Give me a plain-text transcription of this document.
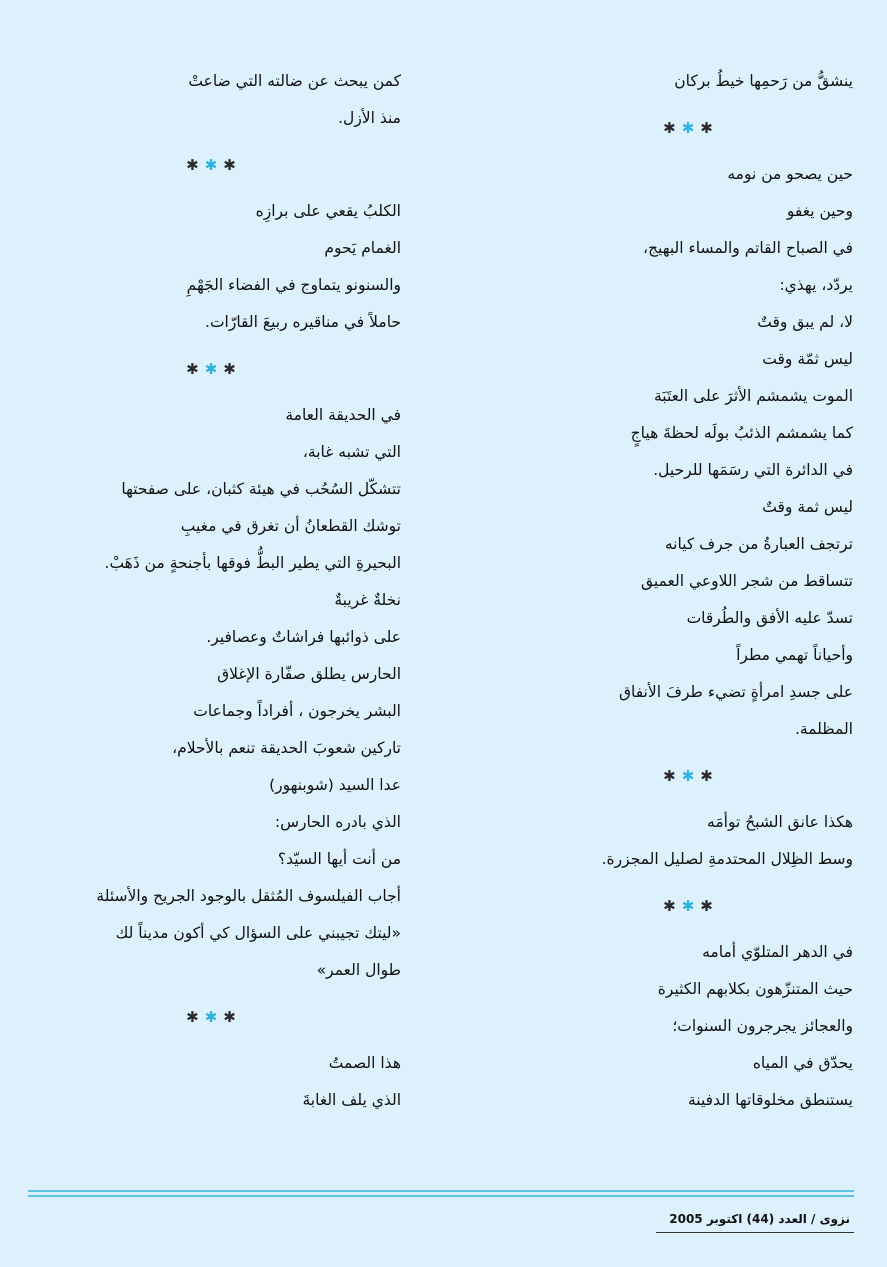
ينشقُّ من رَحمِها خيطُ بركان
✱ ✱ ✱
حين يصحو من نومه
وحين يغفو
في الصباح القاتم والمساء البهيج،
يردّد، يهذي:
لا، لم يبق وقتٌ
ليس ثمّة وقت
الموت يشمشم الأثرَ على العتَبَة
كما يشمشم الذئبُ بولَه لحظةَ هياجٍ
في الدائرة التي رسَمَها للرحيل.
ليس ثمة وقتٌ
ترتجف العبارةُ من جرف كيانه
تتساقط من شجر اللاوعي العميق
تسدّ عليه الأفق والطُرقات
وأحياناً تهمي مطراً
على جسدِ امرأةٍ تضيء طرفَ الأنفاق
المظلمة.
✱ ✱ ✱
هكذا عانق الشبحُ توأمَه
وسط الظِلال المحتدمةِ لصليل المجزرة.
✱ ✱ ✱
في الدهر المتلوّي أمامه
حيث المتنزّهون بكلابهم الكثيرة
والعجائز يجرجرون السنوات؛
يحدّق في المياه
يستنطق مخلوقاتها الدفينة
كمن يبحث عن ضالته التي ضاعتْ
منذ الأزل.
✱ ✱ ✱
الكلبُ يقعي على برازِه
الغمام يَحوم
والسنونو يتماوج في الفضاء الجَهْمِ
حاملاً في مناقيره ربيعَ القارّات.
✱ ✱ ✱
في الحديقة العامة
التي تشبه غابة،
تتشكّل السُحُب في هيئة كثبان، على صفحتها
توشك القطعانُ أن تغرق في مغيبِ
البحيرةِ التي يطير البطُّ فوقها بأجنحةٍ من ذَهَبْ.
نخلةٌ غريبةٌ
على ذوائبها فراشاتٌ وعصافير.
الحارس يطلق صفّارة الإغلاق
البشر يخرجون ، أفراداً وجماعات
تاركين شعوبَ الحديقة تنعم بالأحلام،
عدا السيد (شوبنهور)
الذي بادره الحارس:
من أنت أيها السيّد؟
أجاب الفيلسوف المُثقل بالوجود الجريح والأسئلة
«ليتك تجيبني على السؤال كي أكون مديناً لك
طوال العمر»
✱ ✱ ✱
هذا الصمتُ
الذي يلف الغابةَ
نزوى / العدد (44) اكتوبر 2005
